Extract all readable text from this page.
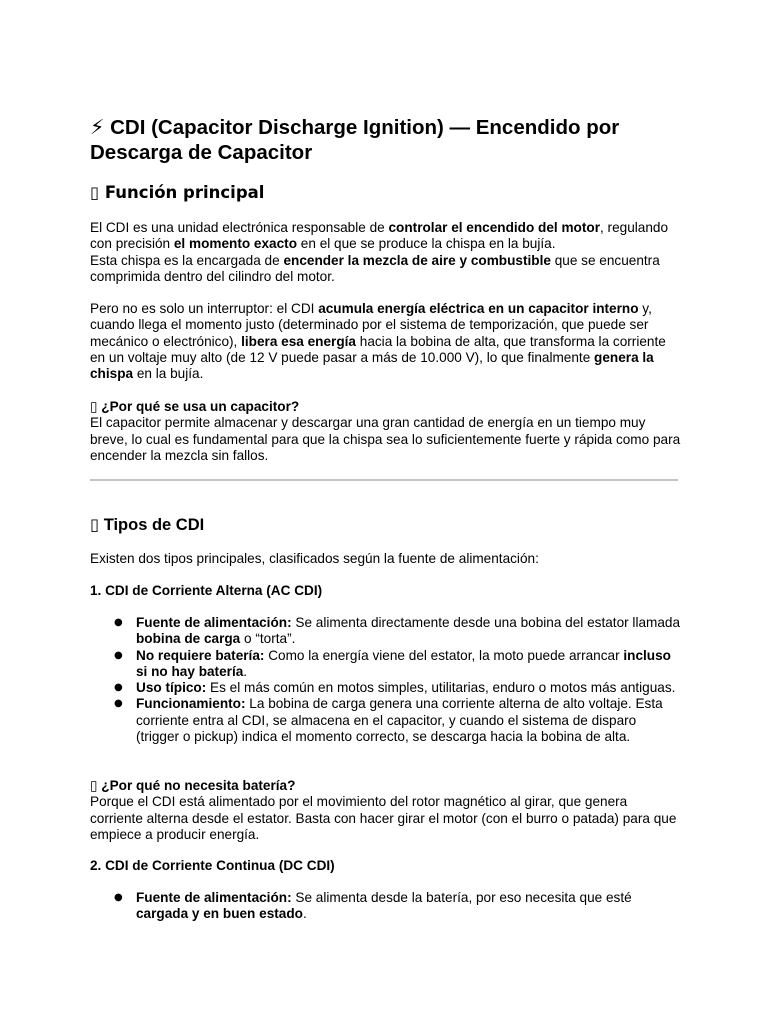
⚡ CDI (Capacitor Discharge Ignition) — Encendido por Descarga de Capacitor
▯ Función principal
El CDI es una unidad electrónica responsable de controlar el encendido del motor, regulando con precisión el momento exacto en el que se produce la chispa en la bujía.
Esta chispa es la encargada de encender la mezcla de aire y combustible que se encuentra comprimida dentro del cilindro del motor.
Pero no es solo un interruptor: el CDI acumula energía eléctrica en un capacitor interno y, cuando llega el momento justo (determinado por el sistema de temporización, que puede ser mecánico o electrónico), libera esa energía hacia la bobina de alta, que transforma la corriente en un voltaje muy alto (de 12 V puede pasar a más de 10.000 V), lo que finalmente genera la chispa en la bujía.
▯ ¿Por qué se usa un capacitor?
El capacitor permite almacenar y descargar una gran cantidad de energía en un tiempo muy breve, lo cual es fundamental para que la chispa sea lo suficientemente fuerte y rápida como para encender la mezcla sin fallos.
▯ Tipos de CDI
Existen dos tipos principales, clasificados según la fuente de alimentación:
1. CDI de Corriente Alterna (AC CDI)
● Fuente de alimentación: Se alimenta directamente desde una bobina del estator llamada bobina de carga o “torta”.
● No requiere batería: Como la energía viene del estator, la moto puede arrancar incluso si no hay batería.
● Uso típico: Es el más común en motos simples, utilitarias, enduro o motos más antiguas.
● Funcionamiento: La bobina de carga genera una corriente alterna de alto voltaje. Esta corriente entra al CDI, se almacena en el capacitor, y cuando el sistema de disparo (trigger o pickup) indica el momento correcto, se descarga hacia la bobina de alta.
▯ ¿Por qué no necesita batería?
Porque el CDI está alimentado por el movimiento del rotor magnético al girar, que genera corriente alterna desde el estator. Basta con hacer girar el motor (con el burro o patada) para que empiece a producir energía.
2. CDI de Corriente Continua (DC CDI)
● Fuente de alimentación: Se alimenta desde la batería, por eso necesita que esté cargada y en buen estado.
